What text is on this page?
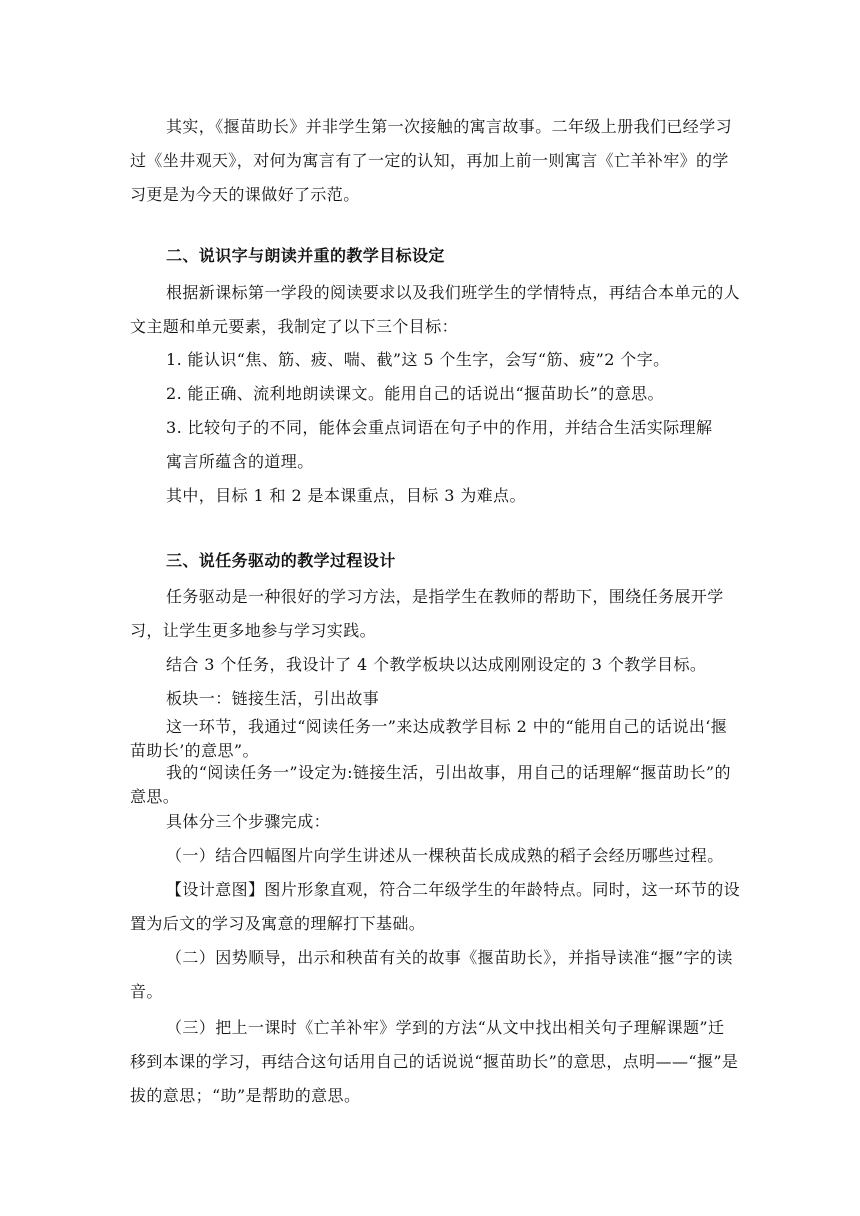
其实，《揠苗助长》并非学生第一次接触的寓言故事。二年级上册我们已经学习过《坐井观天》，对何为寓言有了一定的认知，再加上前一则寓言《亡羊补牢》的学习更是为今天的课做好了示范。

二、说识字与朗读并重的教学目标设定

根据新课标第一学段的阅读要求以及我们班学生的学情特点，再结合本单元的人文主题和单元要素，我制定了以下三个目标：

1. 能认识“焦、筋、疲、喘、截”这 5 个生字，会写“筋、疲”2 个字。

2. 能正确、流利地朗读课文。能用自己的话说出“揠苗助长”的意思。

3. 比较句子的不同，能体会重点词语在句子中的作用，并结合生活实际理解寓言所蕴含的道理。

其中，目标 1 和 2 是本课重点，目标 3 为难点。

三、说任务驱动的教学过程设计

任务驱动是一种很好的学习方法，是指学生在教师的帮助下，围绕任务展开学习，让学生更多地参与学习实践。

结合 3 个任务，我设计了 4 个教学板块以达成刚刚设定的 3 个教学目标。

板块一：链接生活，引出故事

这一环节，我通过“阅读任务一”来达成教学目标 2 中的“能用自己的话说出‘揠苗助长’的意思”。

我的“阅读任务一”设定为:链接生活，引出故事，用自己的话理解“揠苗助长”的意思。

具体分三个步骤完成：

（一）结合四幅图片向学生讲述从一棵秧苗长成成熟的稻子会经历哪些过程。

【设计意图】图片形象直观，符合二年级学生的年龄特点。同时，这一环节的设置为后文的学习及寓意的理解打下基础。

（二）因势顺导，出示和秧苗有关的故事《揠苗助长》，并指导读准“揠”字的读音。

（三）把上一课时《亡羊补牢》学到的方法“从文中找出相关句子理解课题”迁移到本课的学习，再结合这句话用自己的话说说“揠苗助长”的意思，点明——“揠”是拔的意思；“助”是帮助的意思。
